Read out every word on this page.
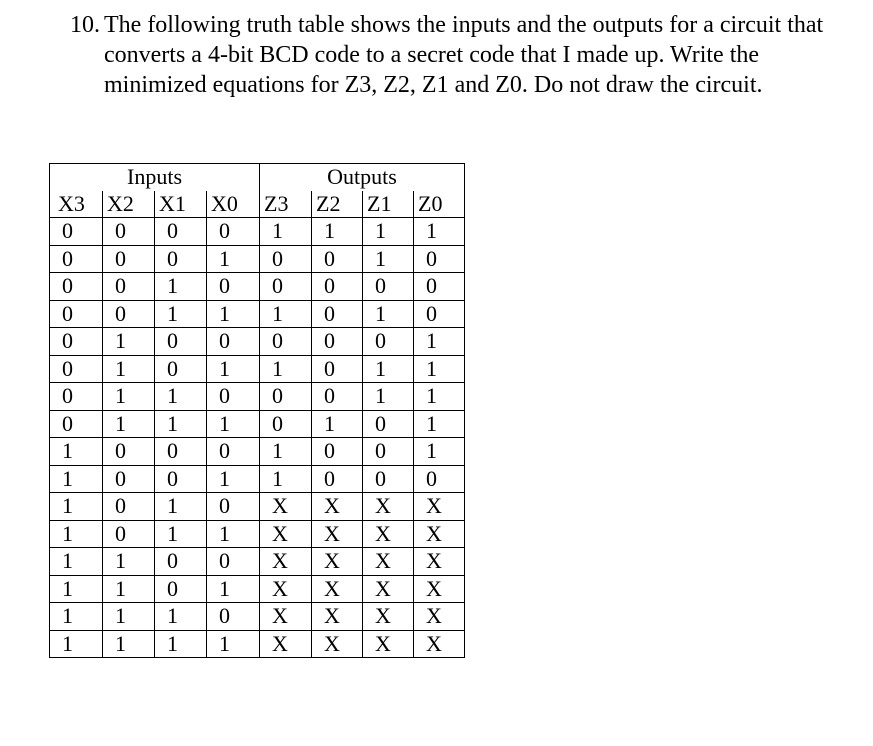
10. The following truth table shows the inputs and the outputs for a circuit that converts a 4-bit BCD code to a secret code that I made up. Write the minimized equations for Z3, Z2, Z1 and Z0. Do not draw the circuit.
Inputs				Outputs			
X3	X2	X1	X0	Z3	Z2	Z1	Z0
0	0	0	0	1	1	1	1
0	0	0	1	0	0	1	0
0	0	1	0	0	0	0	0
0	0	1	1	1	0	1	0
0	1	0	0	0	0	0	1
0	1	0	1	1	0	1	1
0	1	1	0	0	0	1	1
0	1	1	1	0	1	0	1
1	0	0	0	1	0	0	1
1	0	0	1	1	0	0	0
1	0	1	0	X	X	X	X
1	0	1	1	X	X	X	X
1	1	0	0	X	X	X	X
1	1	0	1	X	X	X	X
1	1	1	0	X	X	X	X
1	1	1	1	X	X	X	X
